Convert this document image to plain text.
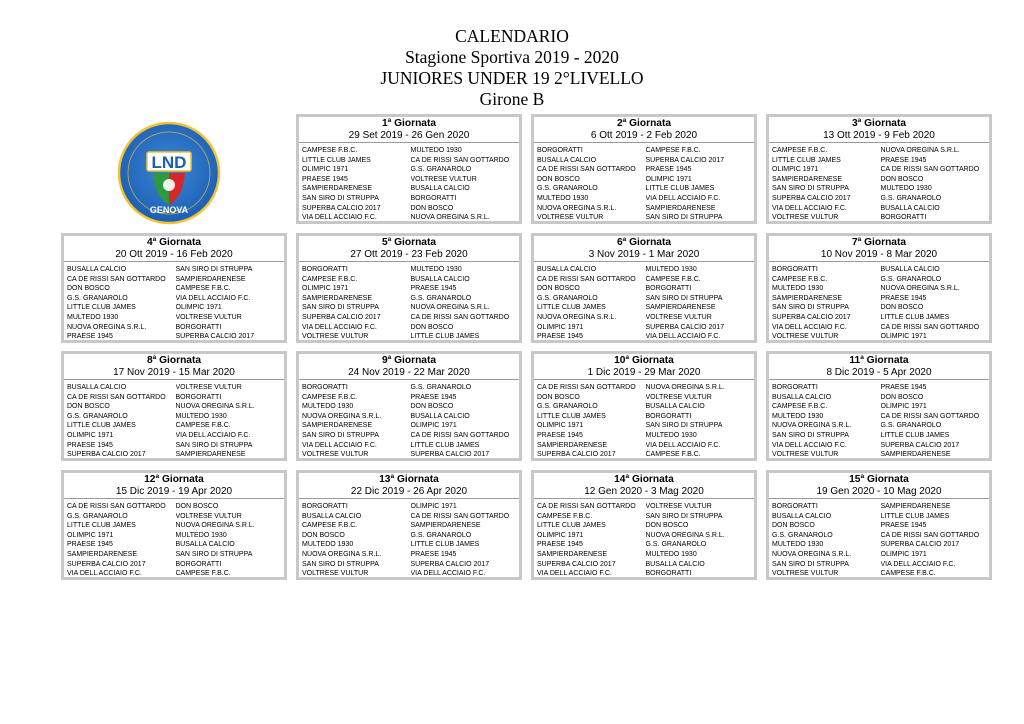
CALENDARIO
Stagione Sportiva 2019 - 2020
JUNIORES UNDER 19 2°LIVELLO
Girone B
LND
GENOVA
1$^a$ Giornata
29 Set 2019 - 26 Gen 2020
CAMPESE F.B.C.	MULTEDO 1930
LITTLE CLUB JAMES	CA DE RISSI SAN GOTTARDO
OLIMPIC 1971	G.S. GRANAROLO
PRAESE 1945	VOLTRESE VULTUR
SAMPIERDARENESE	BUSALLA CALCIO
SAN SIRO DI STRUPPA	BORGORATTI
SUPERBA CALCIO 2017	DON BOSCO
VIA DELL ACCIAIO F.C.	NUOVA OREGINA S.R.L.
2$^a$ Giornata
6 Ott 2019 - 2 Feb 2020
BORGORATTI	CAMPESE F.B.C.
BUSALLA CALCIO	SUPERBA CALCIO 2017
CA DE RISSI SAN GOTTARDO	PRAESE 1945
DON BOSCO	OLIMPIC 1971
G.S. GRANAROLO	LITTLE CLUB JAMES
MULTEDO 1930	VIA DELL ACCIAIO F.C.
NUOVA OREGINA S.R.L.	SAMPIERDARENESE
VOLTRESE VULTUR	SAN SIRO DI STRUPPA
3$^a$ Giornata
13 Ott 2019 - 9 Feb 2020
CAMPESE F.B.C.	NUOVA OREGINA S.R.L.
LITTLE CLUB JAMES	PRAESE 1945
OLIMPIC 1971	CA DE RISSI SAN GOTTARDO
SAMPIERDARENESE	DON BOSCO
SAN SIRO DI STRUPPA	MULTEDO 1930
SUPERBA CALCIO 2017	G.S. GRANAROLO
VIA DELL ACCIAIO F.C.	BUSALLA CALCIO
VOLTRESE VULTUR	BORGORATTI
4$^a$ Giornata
20 Ott 2019 - 16 Feb 2020
BUSALLA CALCIO	SAN SIRO DI STRUPPA
CA DE RISSI SAN GOTTARDO	SAMPIERDARENESE
DON BOSCO	CAMPESE F.B.C.
G.S. GRANAROLO	VIA DELL ACCIAIO F.C.
LITTLE CLUB JAMES	OLIMPIC 1971
MULTEDO 1930	VOLTRESE VULTUR
NUOVA OREGINA S.R.L.	BORGORATTI
PRAESE 1945	SUPERBA CALCIO 2017
5$^a$ Giornata
27 Ott 2019 - 23 Feb 2020
BORGORATTI	MULTEDO 1930
CAMPESE F.B.C.	BUSALLA CALCIO
OLIMPIC 1971	PRAESE 1945
SAMPIERDARENESE	G.S. GRANAROLO
SAN SIRO DI STRUPPA	NUOVA OREGINA S.R.L.
SUPERBA CALCIO 2017	CA DE RISSI SAN GOTTARDO
VIA DELL ACCIAIO F.C.	DON BOSCO
VOLTRESE VULTUR	LITTLE CLUB JAMES
6$^a$ Giornata
3 Nov 2019 - 1 Mar 2020
BUSALLA CALCIO	MULTEDO 1930
CA DE RISSI SAN GOTTARDO	CAMPESE F.B.C.
DON BOSCO	BORGORATTI
G.S. GRANAROLO	SAN SIRO DI STRUPPA
LITTLE CLUB JAMES	SAMPIERDARENESE
NUOVA OREGINA S.R.L.	VOLTRESE VULTUR
OLIMPIC 1971	SUPERBA CALCIO 2017
PRAESE 1945	VIA DELL ACCIAIO F.C.
7$^a$ Giornata
10 Nov 2019 - 8 Mar 2020
BORGORATTI	BUSALLA CALCIO
CAMPESE F.B.C.	G.S. GRANAROLO
MULTEDO 1930	NUOVA OREGINA S.R.L.
SAMPIERDARENESE	PRAESE 1945
SAN SIRO DI STRUPPA	DON BOSCO
SUPERBA CALCIO 2017	LITTLE CLUB JAMES
VIA DELL ACCIAIO F.C.	CA DE RISSI SAN GOTTARDO
VOLTRESE VULTUR	OLIMPIC 1971
8$^a$ Giornata
17 Nov 2019 - 15 Mar 2020
BUSALLA CALCIO	VOLTRESE VULTUR
CA DE RISSI SAN GOTTARDO	BORGORATTI
DON BOSCO	NUOVA OREGINA S.R.L.
G.S. GRANAROLO	MULTEDO 1930
LITTLE CLUB JAMES	CAMPESE F.B.C.
OLIMPIC 1971	VIA DELL ACCIAIO F.C.
PRAESE 1945	SAN SIRO DI STRUPPA
SUPERBA CALCIO 2017	SAMPIERDARENESE
9$^a$ Giornata
24 Nov 2019 - 22 Mar 2020
BORGORATTI	G.S. GRANAROLO
CAMPESE F.B.C.	PRAESE 1945
MULTEDO 1930	DON BOSCO
NUOVA OREGINA S.R.L.	BUSALLA CALCIO
SAMPIERDARENESE	OLIMPIC 1971
SAN SIRO DI STRUPPA	CA DE RISSI SAN GOTTARDO
VIA DELL ACCIAIO F.C.	LITTLE CLUB JAMES
VOLTRESE VULTUR	SUPERBA CALCIO 2017
10$^a$ Giornata
1 Dic 2019 - 29 Mar 2020
CA DE RISSI SAN GOTTARDO	NUOVA OREGINA S.R.L.
DON BOSCO	VOLTRESE VULTUR
G.S. GRANAROLO	BUSALLA CALCIO
LITTLE CLUB JAMES	BORGORATTI
OLIMPIC 1971	SAN SIRO DI STRUPPA
PRAESE 1945	MULTEDO 1930
SAMPIERDARENESE	VIA DELL ACCIAIO F.C.
SUPERBA CALCIO 2017	CAMPESE F.B.C.
11$^a$ Giornata
8 Dic 2019 - 5 Apr 2020
BORGORATTI	PRAESE 1945
BUSALLA CALCIO	DON BOSCO
CAMPESE F.B.C.	OLIMPIC 1971
MULTEDO 1930	CA DE RISSI SAN GOTTARDO
NUOVA OREGINA S.R.L.	G.S. GRANAROLO
SAN SIRO DI STRUPPA	LITTLE CLUB JAMES
VIA DELL ACCIAIO F.C.	SUPERBA CALCIO 2017
VOLTRESE VULTUR	SAMPIERDARENESE
12$^a$ Giornata
15 Dic 2019 - 19 Apr 2020
CA DE RISSI SAN GOTTARDO	DON BOSCO
G.S. GRANAROLO	VOLTRESE VULTUR
LITTLE CLUB JAMES	NUOVA OREGINA S.R.L.
OLIMPIC 1971	MULTEDO 1930
PRAESE 1945	BUSALLA CALCIO
SAMPIERDARENESE	SAN SIRO DI STRUPPA
SUPERBA CALCIO 2017	BORGORATTI
VIA DELL ACCIAIO F.C.	CAMPESE F.B.C.
13$^a$ Giornata
22 Dic 2019 - 26 Apr 2020
BORGORATTI	OLIMPIC 1971
BUSALLA CALCIO	CA DE RISSI SAN GOTTARDO
CAMPESE F.B.C.	SAMPIERDARENESE
DON BOSCO	G.S. GRANAROLO
MULTEDO 1930	LITTLE CLUB JAMES
NUOVA OREGINA S.R.L.	PRAESE 1945
SAN SIRO DI STRUPPA	SUPERBA CALCIO 2017
VOLTRESE VULTUR	VIA DELL ACCIAIO F.C.
14$^a$ Giornata
12 Gen 2020 - 3 Mag 2020
CA DE RISSI SAN GOTTARDO	VOLTRESE VULTUR
CAMPESE F.B.C.	SAN SIRO DI STRUPPA
LITTLE CLUB JAMES	DON BOSCO
OLIMPIC 1971	NUOVA OREGINA S.R.L.
PRAESE 1945	G.S. GRANAROLO
SAMPIERDARENESE	MULTEDO 1930
SUPERBA CALCIO 2017	BUSALLA CALCIO
VIA DELL ACCIAIO F.C.	BORGORATTI
15$^a$ Giornata
19 Gen 2020 - 10 Mag 2020
BORGORATTI	SAMPIERDARENESE
BUSALLA CALCIO	LITTLE CLUB JAMES
DON BOSCO	PRAESE 1945
G.S. GRANAROLO	CA DE RISSI SAN GOTTARDO
MULTEDO 1930	SUPERBA CALCIO 2017
NUOVA OREGINA S.R.L.	OLIMPIC 1971
SAN SIRO DI STRUPPA	VIA DELL ACCIAIO F.C.
VOLTRESE VULTUR	CAMPESE F.B.C.
